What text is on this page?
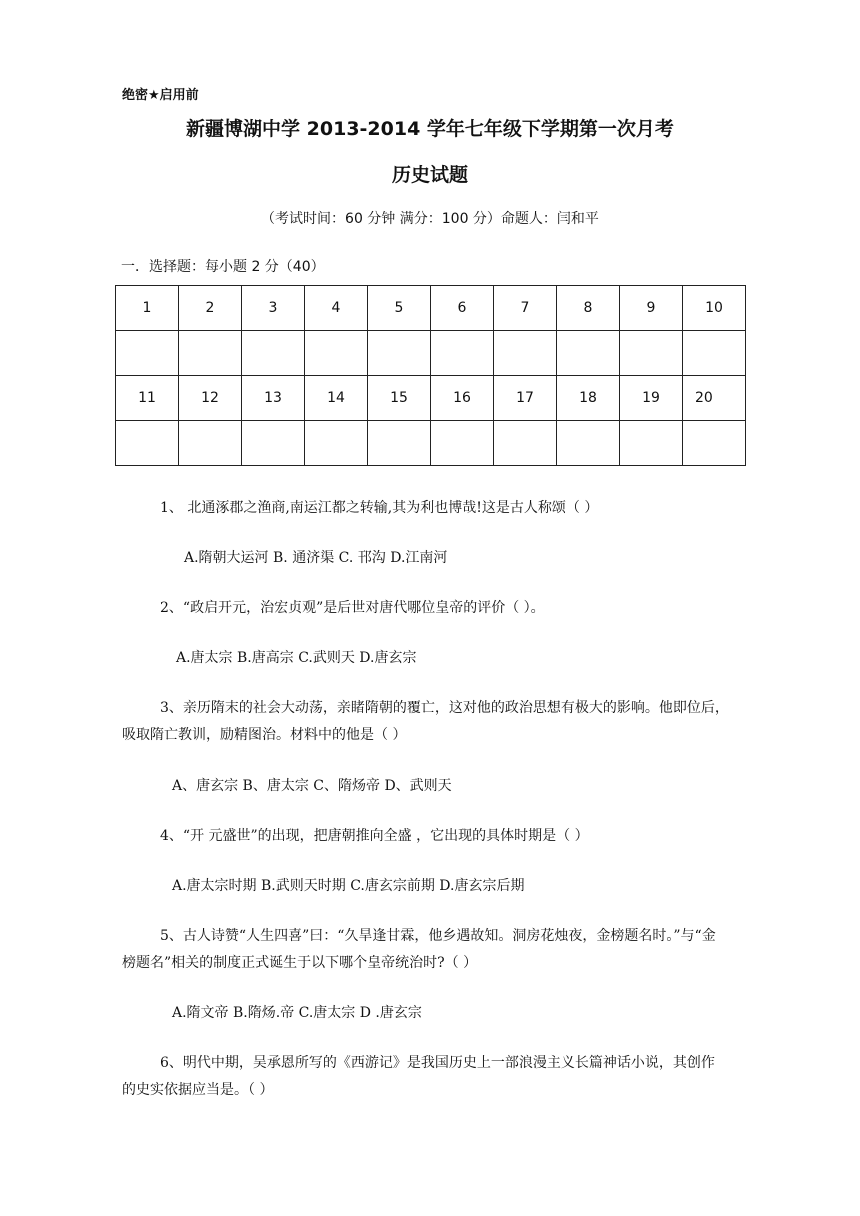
绝密★启用前
新疆博湖中学 2013-2014 学年七年级下学期第一次月考
历史试题
（考试时间：60 分钟 满分：100 分）命题人：闫和平
一．选择题：每小题 2 分（40）
1	2	3	4	5	6	7	8	9	10

11	12	13	14	15	16	17	18	19	20

1、 北通涿郡之渔商,南运江都之转输,其为利也博哉!这是古人称颂（ ）
A.隋朝大运河 B. 通济渠 C. 邗沟 D.江南河
2、“政启开元，治宏贞观”是后世对唐代哪位皇帝的评价（ ）。
A.唐太宗 B.唐高宗 C.武则天 D.唐玄宗
3、亲历隋末的社会大动荡，亲睹隋朝的覆亡，这对他的政治思想有极大的影响。他即位后，
吸取隋亡教训，励精图治。材料中的他是（ ）
A、唐玄宗 B、唐太宗 C、隋炀帝 D、武则天
4、“开 元盛世”的出现，把唐朝推向全盛 ，它出现的具体时期是（ ）
A.唐太宗时期 B.武则天时期 C.唐玄宗前期 D.唐玄宗后期
5、古人诗赞“人生四喜”曰：“久旱逢甘霖，他乡遇故知。洞房花烛夜，金榜题名时。”与“金
榜题名”相关的制度正式诞生于以下哪个皇帝统治时?（ ）
A.隋文帝 B.隋炀.帝 C.唐太宗 D .唐玄宗
6、明代中期，吴承恩所写的《西游记》是我国历史上一部浪漫主义长篇神话小说，其创作
的史实依据应当是。（ ）
